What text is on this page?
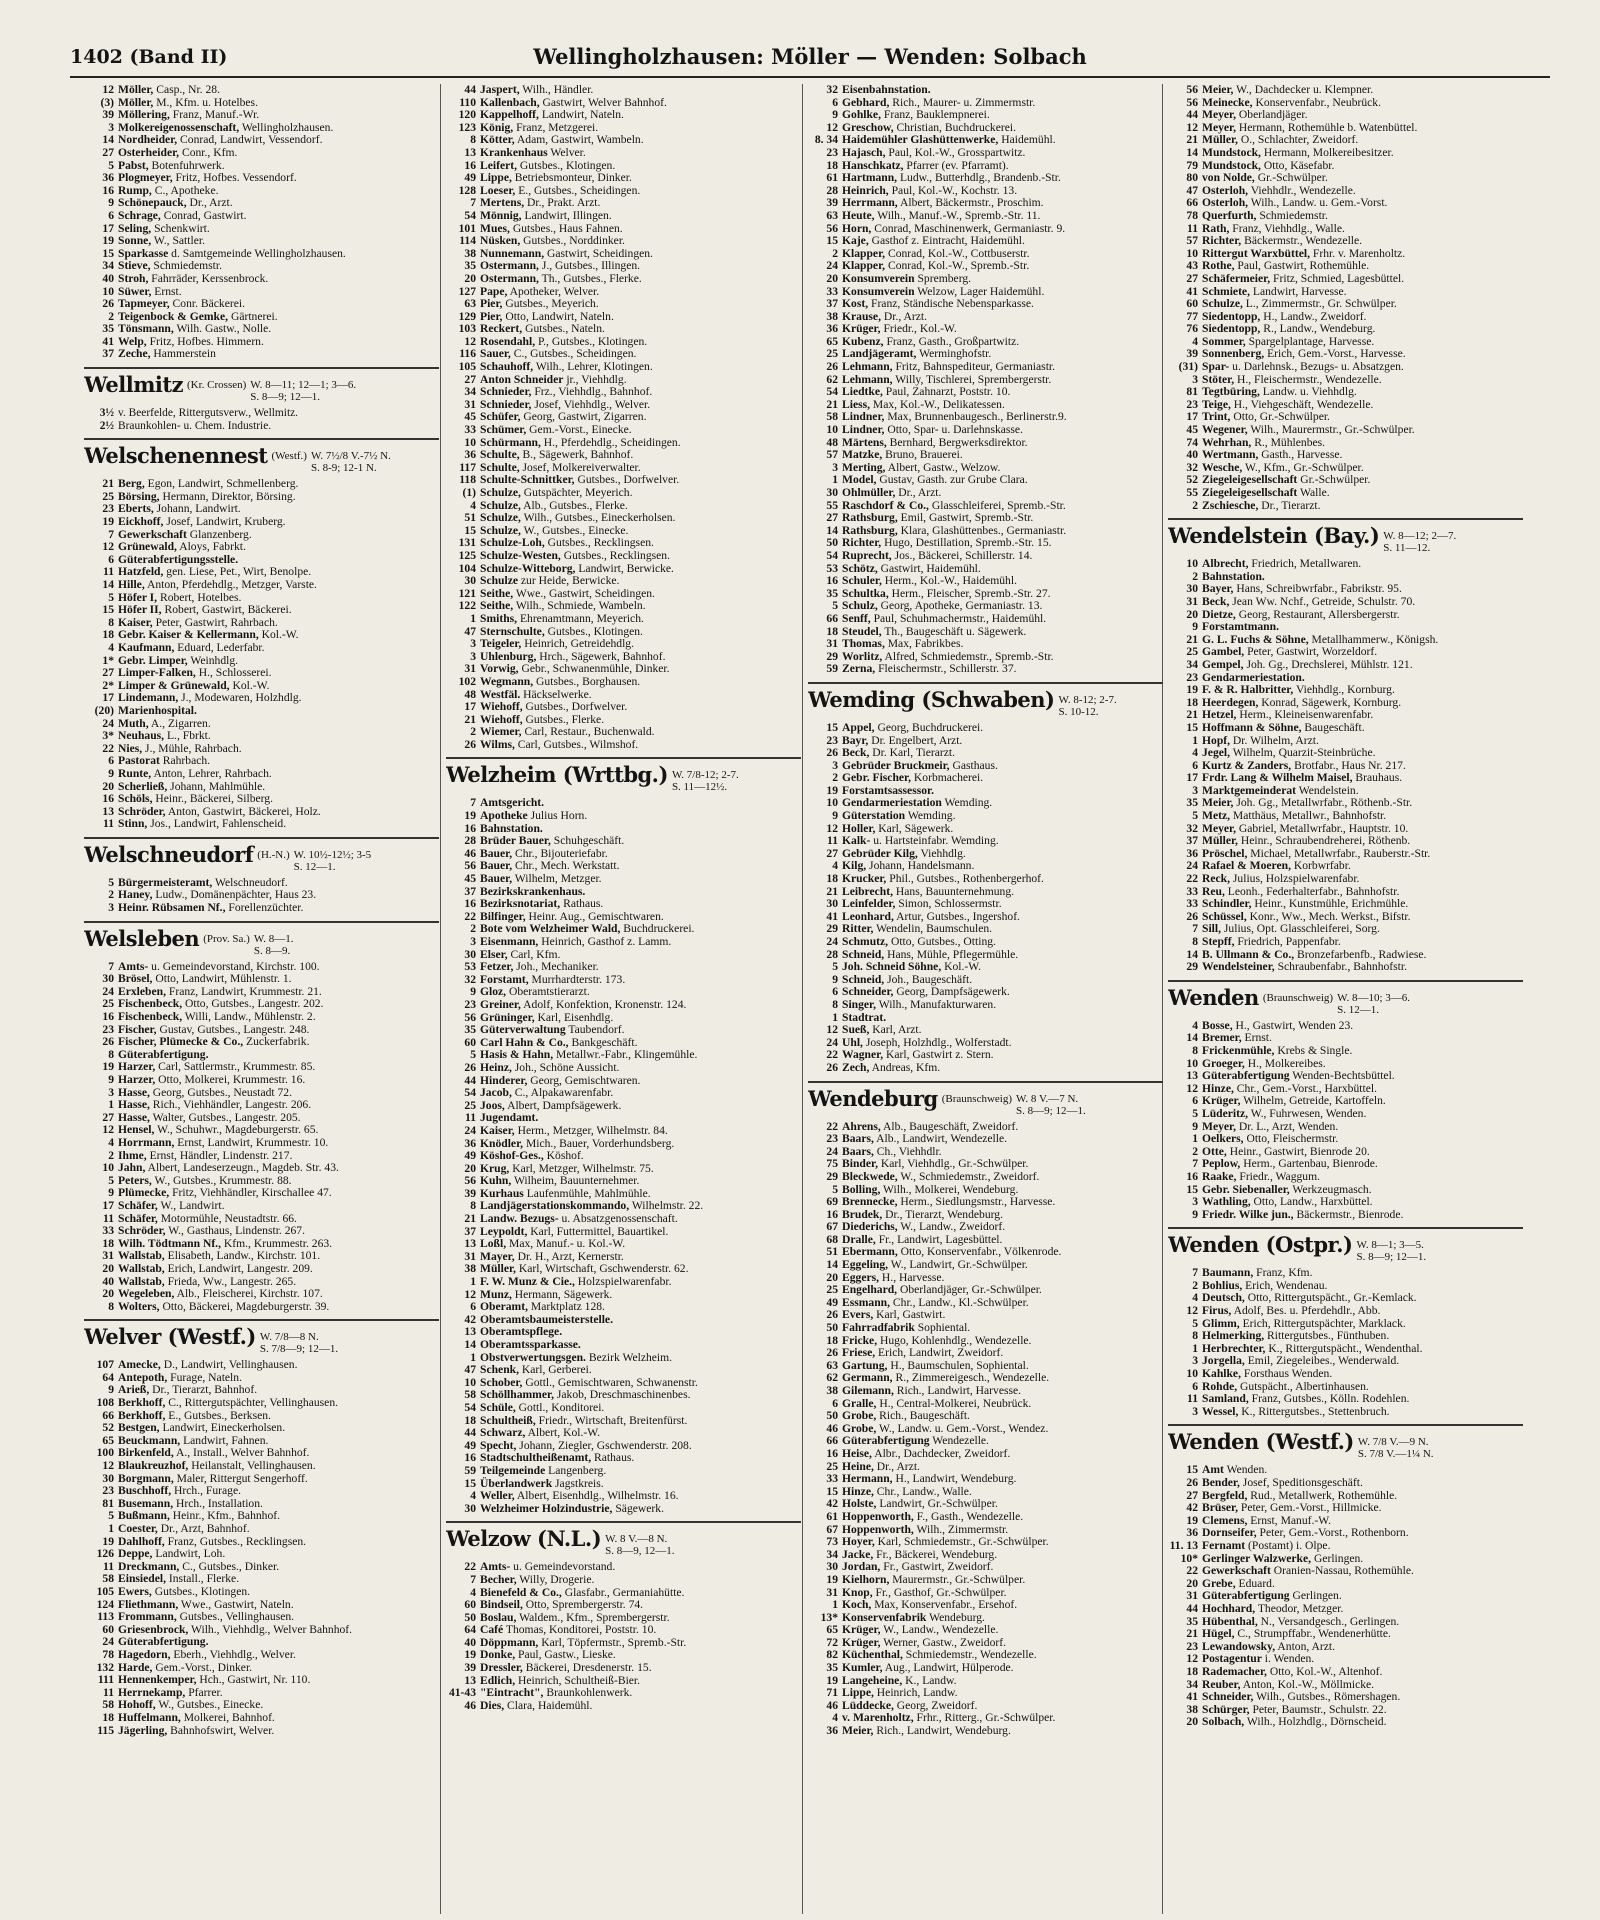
1402 (Band II)	Wellingholzhausen: Möller — Wenden: Solbach
12 Möller, Casp., Nr. 28.
(3) Möller, M., Kfm. u. Hotelbes.
39 Möllering, Franz, Manuf.-Wr.
3 Molkereigenossenschaft, Wellingholzhausen.
14 Nordheider, Conrad, Landwirt, Vessendorf.
27 Osterheider, Conr., Kfm.
5 Pabst, Botenfuhrwerk.
36 Plogmeyer, Fritz, Hofbes. Vessendorf.
16 Rump, C., Apotheke.
9 Schönepauck, Dr., Arzt.
6 Schrage, Conrad, Gastwirt.
17 Seling, Schenkwirt.
19 Sonne, W., Sattler.
15 Sparkasse d. Samtgemeinde Wellingholzhausen.
34 Stieve, Schmiedemstr.
40 Stroh, Fahrräder, Kerssenbrock.
10 Süwer, Ernst.
26 Tapmeyer, Conr. Bäckerei.
2 Teigenbock & Gemke, Gärtnerei.
35 Tönsmann, Wilh. Gastw., Nolle.
41 Welp, Fritz, Hofbes. Himmern.
37 Zeche, Hammerstein
Wellmitz (Kr. Crossen) W. 8—11; 12—1; 3—6.
S. 8—9; 12—1.
3½ v. Beerfelde, Rittergutsverw., Wellmitz.
2½ Braunkohlen- u. Chem. Industrie.
Welschenennest (Westf.) W. 7½/8 V.-7½ N.
S. 8-9; 12-1 N.
21 Berg, Egon, Landwirt, Schmellenberg.
25 Börsing, Hermann, Direktor, Börsing.
23 Eberts, Johann, Landwirt.
19 Eickhoff, Josef, Landwirt, Kruberg.
7 Gewerkschaft Glanzenberg.
12 Grünewald, Aloys, Fabrkt.
6 Güterabfertigungsstelle.
11 Hatzfeld, gen. Liese, Pet., Wirt, Benolpe.
14 Hille, Anton, Pferdehdlg., Metzger, Varste.
5 Höfer I, Robert, Hotelbes.
15 Höfer II, Robert, Gastwirt, Bäckerei.
8 Kaiser, Peter, Gastwirt, Rahrbach.
18 Gebr. Kaiser & Kellermann, Kol.-W.
4 Kaufmann, Eduard, Lederfabr.
1* Gebr. Limper, Weinhdlg.
27 Limper-Falken, H., Schlosserei.
2* Limper & Grünewald, Kol.-W.
17 Lindemann, J., Modewaren, Holzhdlg.
(20) Marienhospital.
24 Muth, A., Zigarren.
3* Neuhaus, L., Fbrkt.
22 Nies, J., Mühle, Rahrbach.
6 Pastorat Rahrbach.
9 Runte, Anton, Lehrer, Rahrbach.
20 Scherließ, Johann, Mahlmühle.
16 Schöls, Heinr., Bäckerei, Silberg.
13 Schröder, Anton, Gastwirt, Bäckerei, Holz.
11 Stinn, Jos., Landwirt, Fahlenscheid.
Welschneudorf (H.-N.) W. 10½-12½; 3-5
S. 12—1.
5 Bürgermeisteramt, Welschneudorf.
2 Haney, Ludw., Domänenpächter, Haus 23.
3 Heinr. Rübsamen Nf., Forellenzüchter.
Welsleben (Prov. Sa.) W. 8—1.
S. 8—9.
7 Amts- u. Gemeindevorstand, Kirchstr. 100.
30 Brösel, Otto, Landwirt, Mühlenstr. 1.
24 Erxleben, Franz, Landwirt, Krummestr. 21.
25 Fischenbeck, Otto, Gutsbes., Langestr. 202.
16 Fischenbeck, Willi, Landw., Mühlenstr. 2.
23 Fischer, Gustav, Gutsbes., Langestr. 248.
26 Fischer, Plümecke & Co., Zuckerfabrik.
8 Güterabfertigung.
19 Harzer, Carl, Sattlermstr., Krummestr. 85.
9 Harzer, Otto, Molkerei, Krummestr. 16.
3 Hasse, Georg, Gutsbes., Neustadt 72.
1 Hasse, Rich., Viehhändler, Langestr. 206.
27 Hasse, Walter, Gutsbes., Langestr. 205.
12 Hensel, W., Schuhwr., Magdeburgerstr. 65.
4 Horrmann, Ernst, Landwirt, Krummestr. 10.
2 Ihme, Ernst, Händler, Lindenstr. 217.
10 Jahn, Albert, Landeserzeugn., Magdeb. Str. 43.
5 Peters, W., Gutsbes., Krummestr. 88.
9 Plümecke, Fritz, Viehhändler, Kirschallee 47.
17 Schäfer, W., Landwirt.
11 Schäfer, Motormühle, Neustadtstr. 66.
33 Schröder, W., Gasthaus, Lindenstr. 267.
18 Wilh. Tödtmann Nf., Kfm., Krummestr. 263.
31 Wallstab, Elisabeth, Landw., Kirchstr. 101.
20 Wallstab, Erich, Landwirt, Langestr. 209.
40 Wallstab, Frieda, Ww., Langestr. 265.
20 Wegeleben, Alb., Fleischerei, Kirchstr. 107.
8 Wolters, Otto, Bäckerei, Magdeburgerstr. 39.
Welver (Westf.) W. 7/8—8 N.
S. 7/8—9; 12—1.
107 Amecke, D., Landwirt, Vellinghausen.
64 Antepoth, Furage, Nateln.
9 Arieß, Dr., Tierarzt, Bahnhof.
108 Berkhoff, C., Rittergutspächter, Vellinghausen.
66 Berkhoff, E., Gutsbes., Berksen.
52 Bestgen, Landwirt, Eineckerholsen.
65 Beuckmann, Landwirt, Fahnen.
100 Birkenfeld, A., Install., Welver Bahnhof.
12 Blaukreuzhof, Heilanstalt, Vellinghausen.
30 Borgmann, Maler, Rittergut Sengerhoff.
23 Buschhoff, Hrch., Furage.
81 Busemann, Hrch., Installation.
5 Bußmann, Heinr., Kfm., Bahnhof.
1 Coester, Dr., Arzt, Bahnhof.
19 Dahlhoff, Franz, Gutsbes., Recklingsen.
126 Deppe, Landwirt, Loh.
11 Dreckmann, C., Gutsbes., Dinker.
58 Einsiedel, Install., Flerke.
105 Ewers, Gutsbes., Klotingen.
124 Fliethmann, Wwe., Gastwirt, Nateln.
113 Frommann, Gutsbes., Vellinghausen.
60 Griesenbrock, Wilh., Viehhdlg., Welver Bahnhof.
24 Güterabfertigung.
78 Hagedorn, Eberh., Viehhdlg., Welver.
132 Harde, Gem.-Vorst., Dinker.
111 Hennenkemper, Hch., Gastwirt, Nr. 110.
11 Herrnekamp, Pfarrer.
58 Hohoff, W., Gutsbes., Einecke.
18 Huffelmann, Molkerei, Bahnhof.
115 Jägerling, Bahnhofswirt, Welver.
44 Jaspert, Wilh., Händler.
110 Kallenbach, Gastwirt, Welver Bahnhof.
120 Kappelhoff, Landwirt, Nateln.
123 König, Franz, Metzgerei.
8 Kötter, Adam, Gastwirt, Wambeln.
13 Krankenhaus Welver.
16 Leifert, Gutsbes., Klotingen.
49 Lippe, Betriebsmonteur, Dinker.
128 Loeser, E., Gutsbes., Scheidingen.
7 Mertens, Dr., Prakt. Arzt.
54 Mönnig, Landwirt, Illingen.
101 Mues, Gutsbes., Haus Fahnen.
114 Nüsken, Gutsbes., Norddinker.
38 Nunnemann, Gastwirt, Scheidingen.
35 Ostermann, J., Gutsbes., Illingen.
20 Ostermann, Th., Gutsbes., Flerke.
127 Pape, Apotheker, Welver.
63 Pier, Gutsbes., Meyerich.
129 Pier, Otto, Landwirt, Nateln.
103 Reckert, Gutsbes., Nateln.
12 Rosendahl, P., Gutsbes., Klotingen.
116 Sauer, C., Gutsbes., Scheidingen.
105 Schauhoff, Wilh., Lehrer, Klotingen.
27 Anton Schneider jr., Viehhdlg.
34 Schnieder, Frz., Viehhdlg., Bahnhof.
31 Schnieder, Josef, Viehhdlg., Welver.
45 Schüfer, Georg, Gastwirt, Zigarren.
33 Schümer, Gem.-Vorst., Einecke.
10 Schürmann, H., Pferdehdlg., Scheidingen.
36 Schulte, B., Sägewerk, Bahnhof.
117 Schulte, Josef, Molkereiverwalter.
118 Schulte-Schnittker, Gutsbes., Dorfwelver.
(1) Schulze, Gutspächter, Meyerich.
4 Schulze, Alb., Gutsbes., Flerke.
51 Schulze, Wilh., Gutsbes., Eineckerholsen.
15 Schulze, W., Gutsbes., Einecke.
131 Schulze-Loh, Gutsbes., Recklingsen.
125 Schulze-Westen, Gutsbes., Recklingsen.
104 Schulze-Witteborg, Landwirt, Berwicke.
30 Schulze zur Heide, Berwicke.
121 Seithe, Wwe., Gastwirt, Scheidingen.
122 Seithe, Wilh., Schmiede, Wambeln.
1 Smiths, Ehrenamtmann, Meyerich.
47 Sternschulte, Gutsbes., Klotingen.
3 Teigeler, Heinrich, Getreidehdlg.
3 Uhlenburg, Hrch., Sägewerk, Bahnhof.
31 Vorwig, Gebr., Schwanenmühle, Dinker.
102 Wegmann, Gutsbes., Borghausen.
48 Westfäl. Häckselwerke.
17 Wiehoff, Gutsbes., Dorfwelver.
21 Wiehoff, Gutsbes., Flerke.
2 Wiemer, Carl, Restaur., Buchenwald.
26 Wilms, Carl, Gutsbes., Wilmshof.
Welzheim (Wrttbg.) W. 7/8-12; 2-7.
S. 11—12½.
7 Amtsgericht.
19 Apotheke Julius Horn.
16 Bahnstation.
28 Brüder Bauer, Schuhgeschäft.
46 Bauer, Chr., Bijouteriefabr.
56 Bauer, Chr., Mech. Werkstatt.
45 Bauer, Wilhelm, Metzger.
37 Bezirkskrankenhaus.
16 Bezirksnotariat, Rathaus.
22 Bilfinger, Heinr. Aug., Gemischtwaren.
2 Bote vom Welzheimer Wald, Buchdruckerei.
3 Eisenmann, Heinrich, Gasthof z. Lamm.
30 Elser, Carl, Kfm.
53 Fetzer, Joh., Mechaniker.
32 Forstamt, Murrhardterstr. 173.
9 Gloz, Oberamtstierarzt.
23 Greiner, Adolf, Konfektion, Kronenstr. 124.
56 Grüninger, Karl, Eisenhdlg.
35 Güterverwaltung Taubendorf.
60 Carl Hahn & Co., Bankgeschäft.
5 Hasis & Hahn, Metallwr.-Fabr., Klingemühle.
26 Heinz, Joh., Schöne Aussicht.
44 Hinderer, Georg, Gemischtwaren.
54 Jacob, C., Alpakawarenfabr.
25 Joos, Albert, Dampfsägewerk.
11 Jugendamt.
24 Kaiser, Herm., Metzger, Wilhelmstr. 84.
36 Knödler, Mich., Bauer, Vorderhundsberg.
49 Köshof-Ges., Köshof.
20 Krug, Karl, Metzger, Wilhelmstr. 75.
56 Kuhn, Wilheim, Bauunternehmer.
39 Kurhaus Laufenmühle, Mahlmühle.
8 Landjägerstationskommando, Wilhelmstr. 22.
21 Landw. Bezugs- u. Absatzgenossenschaft.
37 Leypoldt, Karl, Futtermittel, Bauartikel.
13 Loßl, Max, Manuf.- u. Kol.-W.
31 Mayer, Dr. H., Arzt, Kernerstr.
38 Müller, Karl, Wirtschaft, Gschwenderstr. 62.
1 F. W. Munz & Cie., Holzspielwarenfabr.
12 Munz, Hermann, Sägewerk.
6 Oberamt, Marktplatz 128.
42 Oberamtsbaumeisterstelle.
13 Oberamtspflege.
14 Oberamtssparkasse.
1 Obstverwertungsgen. Bezirk Welzheim.
47 Schenk, Karl, Gerberei.
10 Schober, Gottl., Gemischtwaren, Schwanenstr.
58 Schöllhammer, Jakob, Dreschmaschinenbes.
54 Schüle, Gottl., Konditorei.
18 Schultheiß, Friedr., Wirtschaft, Breitenfürst.
44 Schwarz, Albert, Kol.-W.
49 Specht, Johann, Ziegler, Gschwenderstr. 208.
16 Stadtschultheißenamt, Rathaus.
59 Teilgemeinde Langenberg.
15 Überlandwerk Jagstkreis.
4 Weller, Albert, Eisenhdlg., Wilhelmstr. 16.
30 Welzheimer Holzindustrie, Sägewerk.
Welzow (N.L.) W. 8 V.—8 N.
S. 8—9, 12—1.
22 Amts- u. Gemeindevorstand.
7 Becher, Willy, Drogerie.
4 Bienefeld & Co., Glasfabr., Germaniahütte.
60 Bindseil, Otto, Sprembergerstr. 74.
50 Boslau, Waldem., Kfm., Sprembergerstr.
64 Café Thomas, Konditorei, Poststr. 10.
40 Döppmann, Karl, Töpfermstr., Spremb.-Str.
19 Donke, Paul, Gastw., Lieske.
39 Dressler, Bäckerei, Dresdenerstr. 15.
13 Edlich, Heinrich, Schultheiß-Bier.
41-43 "Eintracht", Braunkohlenwerk.
46 Dies, Clara, Haidemühl.
32 Eisenbahnstation.
6 Gebhard, Rich., Maurer- u. Zimmermstr.
9 Gohlke, Franz, Bauklempnerei.
12 Greschow, Christian, Buchdruckerei.
8. 34 Haidemühler Glashüttenwerke, Haidemühl.
23 Hajasch, Paul, Kol.-W., Grosspartwitz.
18 Hanschkatz, Pfarrer (ev. Pfarramt).
61 Hartmann, Ludw., Butterhdlg., Brandenb.-Str.
28 Heinrich, Paul, Kol.-W., Kochstr. 13.
39 Herrmann, Albert, Bäckermstr., Proschim.
63 Heute, Wilh., Manuf.-W., Spremb.-Str. 11.
56 Horn, Conrad, Maschinenwerk, Germaniastr. 9.
15 Kaje, Gasthof z. Eintracht, Haidemühl.
2 Klapper, Conrad, Kol.-W., Cottbuserstr.
24 Klapper, Conrad, Kol.-W., Spremb.-Str.
20 Konsumverein Spremberg.
33 Konsumverein Welzow, Lager Haidemühl.
37 Kost, Franz, Ständische Nebensparkasse.
38 Krause, Dr., Arzt.
36 Krüger, Friedr., Kol.-W.
65 Kubenz, Franz, Gasth., Großpartwitz.
25 Landjägeramt, Werminghofstr.
26 Lehmann, Fritz, Bahnspediteur, Germaniastr.
62 Lehmann, Willy, Tischlerei, Sprembergerstr.
54 Liedtke, Paul, Zahnarzt, Poststr. 10.
21 Liess, Max, Kol.-W., Delikatessen.
58 Lindner, Max, Brunnenbaugesch., Berlinerstr.9.
10 Lindner, Otto, Spar- u. Darlehnskasse.
48 Märtens, Bernhard, Bergwerksdirektor.
57 Matzke, Bruno, Brauerei.
3 Merting, Albert, Gastw., Welzow.
1 Model, Gustav, Gasth. zur Grube Clara.
30 Ohlmüller, Dr., Arzt.
55 Raschdorf & Co., Glasschleiferei, Spremb.-Str.
27 Rathsburg, Emil, Gastwirt, Spremb.-Str.
14 Rathsburg, Klara, Glashüttenbes., Germaniastr.
50 Richter, Hugo, Destillation, Spremb.-Str. 15.
54 Ruprecht, Jos., Bäckerei, Schillerstr. 14.
53 Schötz, Gastwirt, Haidemühl.
16 Schuler, Herm., Kol.-W., Haidemühl.
35 Schultka, Herm., Fleischer, Spremb.-Str. 27.
5 Schulz, Georg, Apotheke, Germaniastr. 13.
66 Senff, Paul, Schuhmachermstr., Haidemühl.
18 Steudel, Th., Baugeschäft u. Sägewerk.
31 Thomas, Max, Fabrikbes.
29 Worlitz, Alfred, Schmiedemstr., Spremb.-Str.
59 Zerna, Fleischermstr., Schillerstr. 37.
Wemding (Schwaben) W. 8-12; 2-7.
S. 10-12.
15 Appel, Georg, Buchdruckerei.
23 Bayr, Dr. Engelbert, Arzt.
26 Beck, Dr. Karl, Tierarzt.
3 Gebrüder Bruckmeir, Gasthaus.
2 Gebr. Fischer, Korbmacherei.
19 Forstamtsassessor.
10 Gendarmeriestation Wemding.
9 Güterstation Wemding.
12 Holler, Karl, Sägewerk.
11 Kalk- u. Hartsteinfabr. Wemding.
27 Gebrüder Kilg, Viehhdlg.
4 Kilg, Johann, Handelsmann.
18 Krucker, Phil., Gutsbes., Rothenbergerhof.
21 Leibrecht, Hans, Bauunternehmung.
30 Leinfelder, Simon, Schlossermstr.
41 Leonhard, Artur, Gutsbes., Ingershof.
29 Ritter, Wendelin, Baumschulen.
24 Schmutz, Otto, Gutsbes., Otting.
28 Schneid, Hans, Mühle, Pflegermühle.
5 Joh. Schneid Söhne, Kol.-W.
9 Schneid, Joh., Baugeschäft.
6 Schneider, Georg, Dampfsägewerk.
8 Singer, Wilh., Manufakturwaren.
1 Stadtrat.
12 Sueß, Karl, Arzt.
24 Uhl, Joseph, Holzhdlg., Wolferstadt.
22 Wagner, Karl, Gastwirt z. Stern.
26 Zech, Andreas, Kfm.
Wendeburg (Braunschweig) W. 8 V.—7 N.
S. 8—9; 12—1.
22 Ahrens, Alb., Baugeschäft, Zweidorf.
23 Baars, Alb., Landwirt, Wendezelle.
24 Baars, Ch., Viehhdlr.
75 Binder, Karl, Viehhdlg., Gr.-Schwülper.
29 Bleckwede, W., Schmiedemstr., Zweidorf.
5 Bolling, Wilh., Molkerei, Wendeburg.
69 Brennecke, Herm., Siedlungsmstr., Harvesse.
16 Brudek, Dr., Tierarzt, Wendeburg.
67 Diederichs, W., Landw., Zweidorf.
68 Dralle, Fr., Landwirt, Lagesbüttel.
51 Ebermann, Otto, Konservenfabr., Völkenrode.
14 Eggeling, W., Landwirt, Gr.-Schwülper.
20 Eggers, H., Harvesse.
25 Engelhard, Oberlandjäger, Gr.-Schwülper.
49 Essmann, Chr., Landw., Kl.-Schwülper.
26 Evers, Karl, Gastwirt.
50 Fahrradfabrik Sophiental.
18 Fricke, Hugo, Kohlenhdlg., Wendezelle.
26 Friese, Erich, Landwirt, Zweidorf.
63 Gartung, H., Baumschulen, Sophiental.
62 Germann, R., Zimmereigesch., Wendezelle.
38 Gilemann, Rich., Landwirt, Harvesse.
6 Gralle, H., Central-Molkerei, Neubrück.
50 Grobe, Rich., Baugeschäft.
46 Grobe, W., Landw. u. Gem.-Vorst., Wendez.
66 Güterabfertigung Wendezelle.
16 Heise, Albr., Dachdecker, Zweidorf.
25 Heine, Dr., Arzt.
33 Hermann, H., Landwirt, Wendeburg.
15 Hinze, Chr., Landw., Walle.
42 Holste, Landwirt, Gr.-Schwülper.
61 Hoppenworth, F., Gasth., Wendezelle.
67 Hoppenworth, Wilh., Zimmermstr.
73 Hoyer, Karl, Schmiedemstr., Gr.-Schwülper.
34 Jacke, Fr., Bäckerei, Wendeburg.
30 Jordan, Fr., Gastwirt, Zweidorf.
19 Kielhorn, Maurermstr., Gr.-Schwülper.
31 Knop, Fr., Gasthof, Gr.-Schwülper.
1 Koch, Max, Konservenfabr., Ersehof.
13* Konservenfabrik Wendeburg.
65 Krüger, W., Landw., Wendezelle.
72 Krüger, Werner, Gastw., Zweidorf.
82 Küchenthal, Schmiedemstr., Wendezelle.
35 Kumler, Aug., Landwirt, Hülperode.
19 Langeheine, K., Landw.
71 Lippe, Heinrich, Landw.
46 Lüddecke, Georg, Zweidorf.
4 v. Marenholtz, Frhr., Ritterg., Gr.-Schwülper.
36 Meier, Rich., Landwirt, Wendeburg.
56 Meier, W., Dachdecker u. Klempner.
56 Meinecke, Konservenfabr., Neubrück.
44 Meyer, Oberlandjäger.
12 Meyer, Hermann, Rothemühle b. Watenbüttel.
21 Müller, O., Schlachter, Zweidorf.
14 Mundstock, Hermann, Molkereibesitzer.
79 Mundstock, Otto, Käsefabr.
80 von Nolde, Gr.-Schwülper.
47 Osterloh, Viehhdlr., Wendezelle.
66 Osterloh, Wilh., Landw. u. Gem.-Vorst.
78 Querfurth, Schmiedemstr.
11 Rath, Franz, Viehhdlg., Walle.
57 Richter, Bäckermstr., Wendezelle.
10 Rittergut Warxbüttel, Frhr. v. Marenholtz.
43 Rothe, Paul, Gastwirt, Rothemühle.
27 Schäfermeier, Fritz, Schmied, Lagesbüttel.
41 Schmiete, Landwirt, Harvesse.
60 Schulze, L., Zimmermstr., Gr. Schwülper.
77 Siedentopp, H., Landw., Zweidorf.
76 Siedentopp, R., Landw., Wendeburg.
4 Sommer, Spargelplantage, Harvesse.
39 Sonnenberg, Erich, Gem.-Vorst., Harvesse.
(31) Spar- u. Darlehnsk., Bezugs- u. Absatzgen.
3 Stöter, H., Fleischermstr., Wendezelle.
81 Tegtbüring, Landw. u. Viehhdlg.
23 Teige, H., Viehgeschäft, Wendezelle.
17 Trint, Otto, Gr.-Schwülper.
45 Wegener, Wilh., Maurermstr., Gr.-Schwülper.
74 Wehrhan, R., Mühlenbes.
40 Wertmann, Gasth., Harvesse.
32 Wesche, W., Kfm., Gr.-Schwülper.
52 Ziegeleigesellschaft Gr.-Schwülper.
55 Ziegeleigesellschaft Walle.
2 Zschiesche, Dr., Tierarzt.
Wendelstein (Bay.) W. 8—12; 2—7.
S. 11—12.
10 Albrecht, Friedrich, Metallwaren.
2 Bahnstation.
30 Bayer, Hans, Schreibwrfabr., Fabrikstr. 95.
31 Beck, Jean Ww. Nchf., Getreide, Schulstr. 70.
20 Dietze, Georg, Restaurant, Allersbergerstr.
9 Forstamtmann.
21 G. L. Fuchs & Söhne, Metallhammerw., Königsh.
25 Gambel, Peter, Gastwirt, Worzeldorf.
34 Gempel, Joh. Gg., Drechslerei, Mühlstr. 121.
23 Gendarmeriestation.
19 F. & R. Halbritter, Viehhdlg., Kornburg.
18 Heerdegen, Konrad, Sägewerk, Kornburg.
21 Hetzel, Herm., Kleineisenwarenfabr.
15 Hoffmann & Söhne, Baugeschäft.
1 Hopf, Dr. Wilhelm, Arzt.
4 Jegel, Wilhelm, Quarzit-Steinbrüche.
6 Kurtz & Zanders, Brotfabr., Haus Nr. 217.
17 Frdr. Lang & Wilhelm Maisel, Brauhaus.
3 Marktgemeinderat Wendelstein.
35 Meier, Joh. Gg., Metallwrfabr., Röthenb.-Str.
5 Metz, Matthäus, Metallwr., Bahnhofstr.
32 Meyer, Gabriel, Metallwrfabr., Hauptstr. 10.
37 Müller, Heinr., Schraubendreherei, Röthenb.
36 Pröschel, Michael, Metallwrfabr., Rauberstr.-Str.
24 Rafael & Moeren, Korbwrfabr.
22 Reck, Julius, Holzspielwarenfabr.
33 Reu, Leonh., Federhalterfabr., Bahnhofstr.
33 Schindler, Heinr., Kunstmühle, Erichmühle.
26 Schüssel, Konr., Ww., Mech. Werkst., Bifstr.
7 Sill, Julius, Opt. Glasschleiferei, Sorg.
8 Stepff, Friedrich, Pappenfabr.
14 B. Ullmann & Co., Bronzefarbenfb., Radwiese.
29 Wendelsteiner, Schraubenfabr., Bahnhofstr.
Wenden (Braunschweig) W. 8—10; 3—6.
S. 12—1.
4 Bosse, H., Gastwirt, Wenden 23.
14 Bremer, Ernst.
8 Frickenmühle, Krebs & Single.
10 Groeger, H., Molkereibes.
13 Güterabfertigung Wenden-Bechtsbüttel.
12 Hinze, Chr., Gem.-Vorst., Harxbüttel.
6 Krüger, Wilhelm, Getreide, Kartoffeln.
5 Lüderitz, W., Fuhrwesen, Wenden.
9 Meyer, Dr. L., Arzt, Wenden.
1 Oelkers, Otto, Fleischermstr.
2 Otte, Heinr., Gastwirt, Bienrode 20.
7 Peplow, Herm., Gartenbau, Bienrode.
16 Raake, Friedr., Waggum.
15 Gebr. Siebenaller, Werkzeugmasch.
3 Wathling, Otto, Landw., Harxbüttel.
9 Friedr. Wilke jun., Bäckermstr., Bienrode.
Wenden (Ostpr.) W. 8—1; 3—5.
S. 8—9; 12—1.
7 Baumann, Franz, Kfm.
2 Bohlius, Erich, Wendenau.
4 Deutsch, Otto, Rittergutspächt., Gr.-Kemlack.
12 Firus, Adolf, Bes. u. Pferdehdlr., Abb.
5 Glimm, Erich, Rittergutspächter, Marklack.
8 Helmerking, Rittergutsbes., Fünthuben.
1 Herbrechter, K., Rittergutspächt., Wendenthal.
3 Jorgella, Emil, Ziegeleibes., Wenderwald.
10 Kahlke, Forsthaus Wenden.
6 Rohde, Gutspächt., Albertinhausen.
11 Samland, Franz, Gutsbes., Kölln. Rodehlen.
3 Wessel, K., Rittergutsbes., Stettenbruch.
Wenden (Westf.) W. 7/8 V.—9 N.
S. 7/8 V.—1¼ N.
15 Amt Wenden.
26 Bender, Josef, Speditionsgeschäft.
27 Bergfeld, Rud., Metallwerk, Rothemühle.
42 Brüser, Peter, Gem.-Vorst., Hillmicke.
19 Clemens, Ernst, Manuf.-W.
36 Dornseifer, Peter, Gem.-Vorst., Rothenborn.
11. 13 Fernamt (Postamt) i. Olpe.
10* Gerlinger Walzwerke, Gerlingen.
22 Gewerkschaft Oranien-Nassau, Rothemühle.
20 Grebe, Eduard.
31 Güterabfertigung Gerlingen.
44 Hochhard, Theodor, Metzger.
35 Hübenthal, N., Versandgesch., Gerlingen.
21 Hügel, C., Strumpffabr., Wendenerhütte.
23 Lewandowsky, Anton, Arzt.
12 Postagentur i. Wenden.
18 Rademacher, Otto, Kol.-W., Altenhof.
34 Reuber, Anton, Kol.-W., Möllmicke.
41 Schneider, Wilh., Gutsbes., Römershagen.
38 Schürger, Peter, Baumstr., Schulstr. 22.
20 Solbach, Wilh., Holzhdlg., Dörnscheid.
